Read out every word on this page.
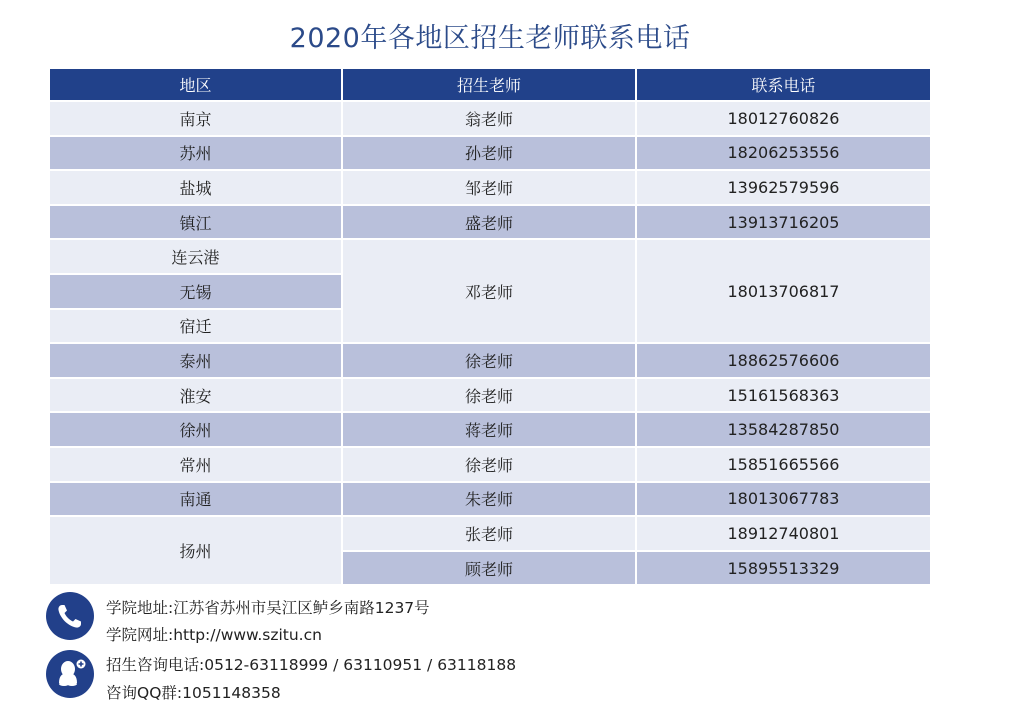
2020年各地区招生老师联系电话
地区	招生老师	联系电话
南京	翁老师	18012760826
苏州	孙老师	18206253556
盐城	邹老师	13962579596
镇江	盛老师	13913716205
连云港	邓老师	18013706817
无锡		
宿迁		
泰州	徐老师	18862576606
淮安	徐老师	15161568363
徐州	蒋老师	13584287850
常州	徐老师	15851665566
南通	朱老师	18013067783
扬州	张老师	18912740801
	顾老师	15895513329
学院地址:江苏省苏州市吴江区鲈乡南路1237号
学院网址:http://www.szitu.cn
招生咨询电话:0512-63118999 / 63110951 / 63118188
咨询QQ群:1051148358
